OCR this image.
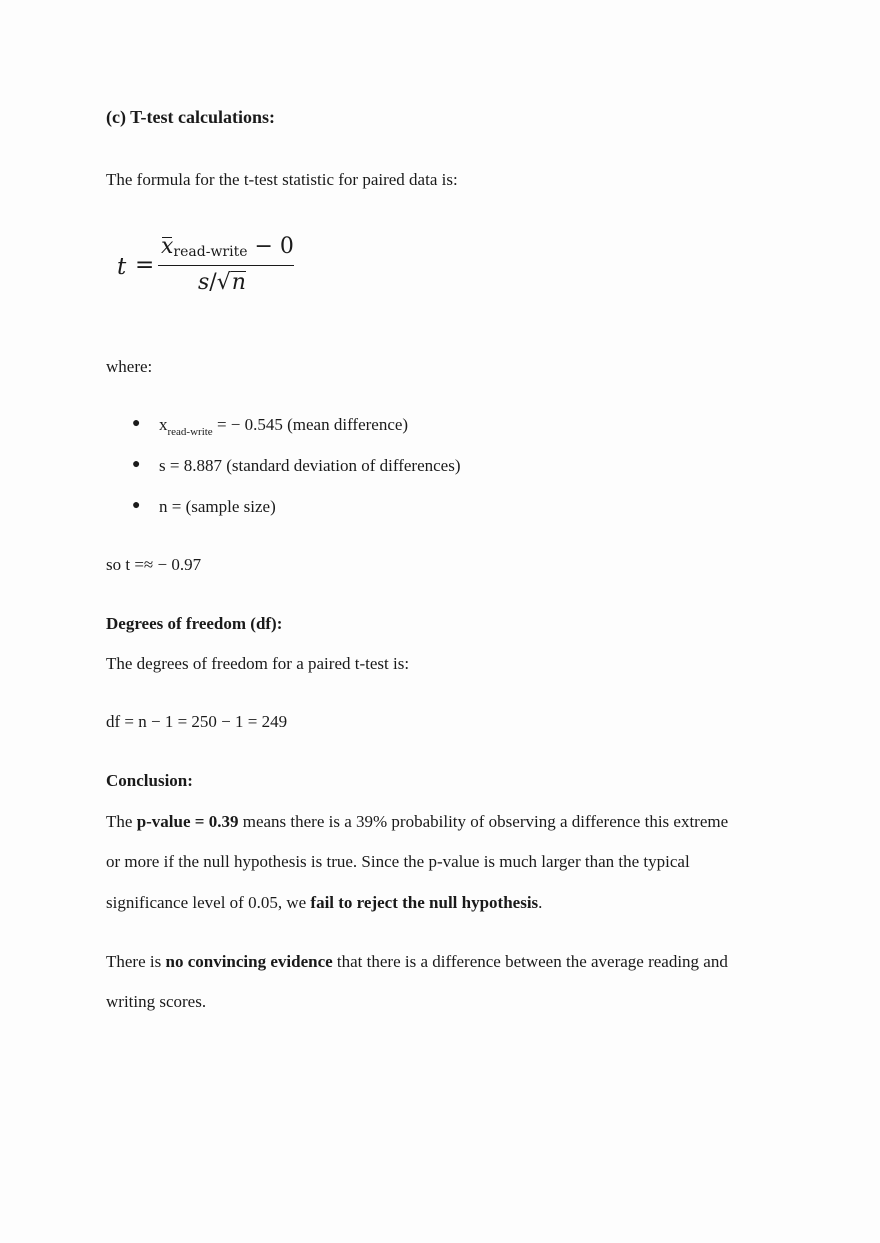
(c) T-test calculations:
The formula for the t-test statistic for paired data is:
t =
xread-write − 0
s/√n
where:
● $x_{read-write}$ = − 0.545 (mean difference)
● s = 8.887 (standard deviation of differences)
● n = (sample size)
so t =≈ − 0.97
Degrees of freedom (df):
The degrees of freedom for a paired t-test is:
df = n − 1 = 250 − 1 = 249
Conclusion:
The p-value = 0.39 means there is a 39% probability of observing a difference this extreme
or more if the null hypothesis is true. Since the p-value is much larger than the typical
significance level of 0.05, we fail to reject the null hypothesis.
There is no convincing evidence that there is a difference between the average reading and
writing scores.
